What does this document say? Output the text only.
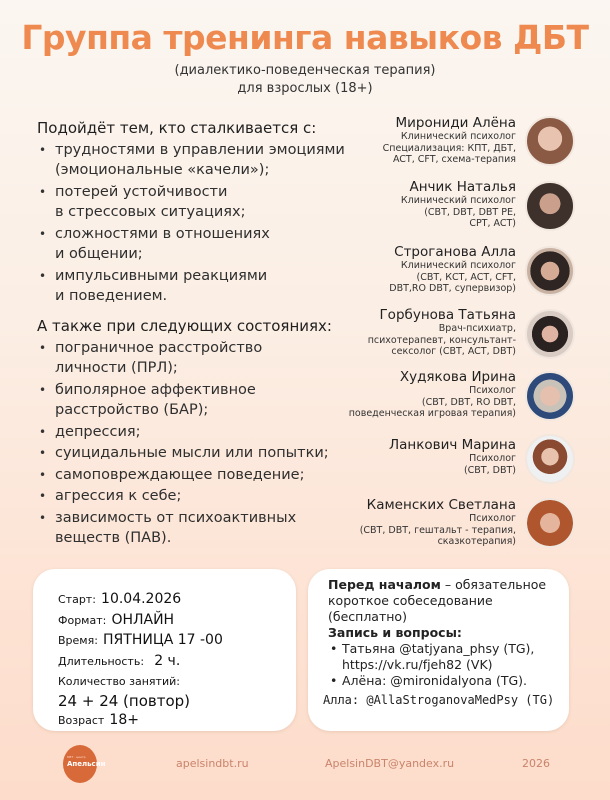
Группа тренинга навыков ДБТ
(диалектико-поведенческая терапия)
для взрослых (18+)
Подойдёт тем, кто сталкивается с:
• трудностями в управлении эмоциями
(эмоциональные «качели»);
• потерей устойчивости
в стрессовых ситуациях;
• сложностями в отношениях
и общении;
• импульсивными реакциями
и поведением.
А также при следующих состояниях:
• пограничное расстройство
личности (ПРЛ);
• биполярное аффективное
расстройство (БАР);
• депрессия;
• суицидальные мысли или попытки;
• самоповреждающее поведение;
• агрессия к себе;
• зависимость от психоактивных
веществ (ПАВ).
Мирониди Алёна
Клинический психолог
Специализация: КПТ, ДБТ,
ACT, CFT, схема-терапия
Анчик Наталья
Клинический психолог
(CBT, DBT, DBT PE,
CPT, ACT)
Строганова Алла
Клинический психолог
(CBT, КСТ, ACT, CFT,
DBT,RO DBT, супервизор)
Горбунова Татьяна
Врач-психиатр,
психотерапевт, консультант-
сексолог (CBT, ACT, DBT)
Худякова Ирина
Психолог
(CBT, DBT, RO DBT,
поведенческая игровая терапия)
Ланкович Марина
Психолог
(CBT, DBT)
Каменских Светлана
Психолог
(CBT, DBT, гештальт - терапия,
сказкотерапия)
Старт: 10.04.2026
Формат: ОНЛАЙН
Время: ПЯТНИЦА 17 -00
Длительность: 2 ч.
Количество занятий:
24 + 24 (повтор)
Возраст 18+
Перед началом – обязательное
короткое собеседование
(бесплатно)
Запись и вопросы:
• Татьяна @tatjyana_phsy (TG),
https://vk.ru/fjeh82 (VK)
• Алёна: @mironidalyona (TG).
Алла: @AllaStroganovaMedPsy (TG)
DBT · центр
Апельсин	apelsindbt.ru	ApelsinDBT@yandex.ru	2026
